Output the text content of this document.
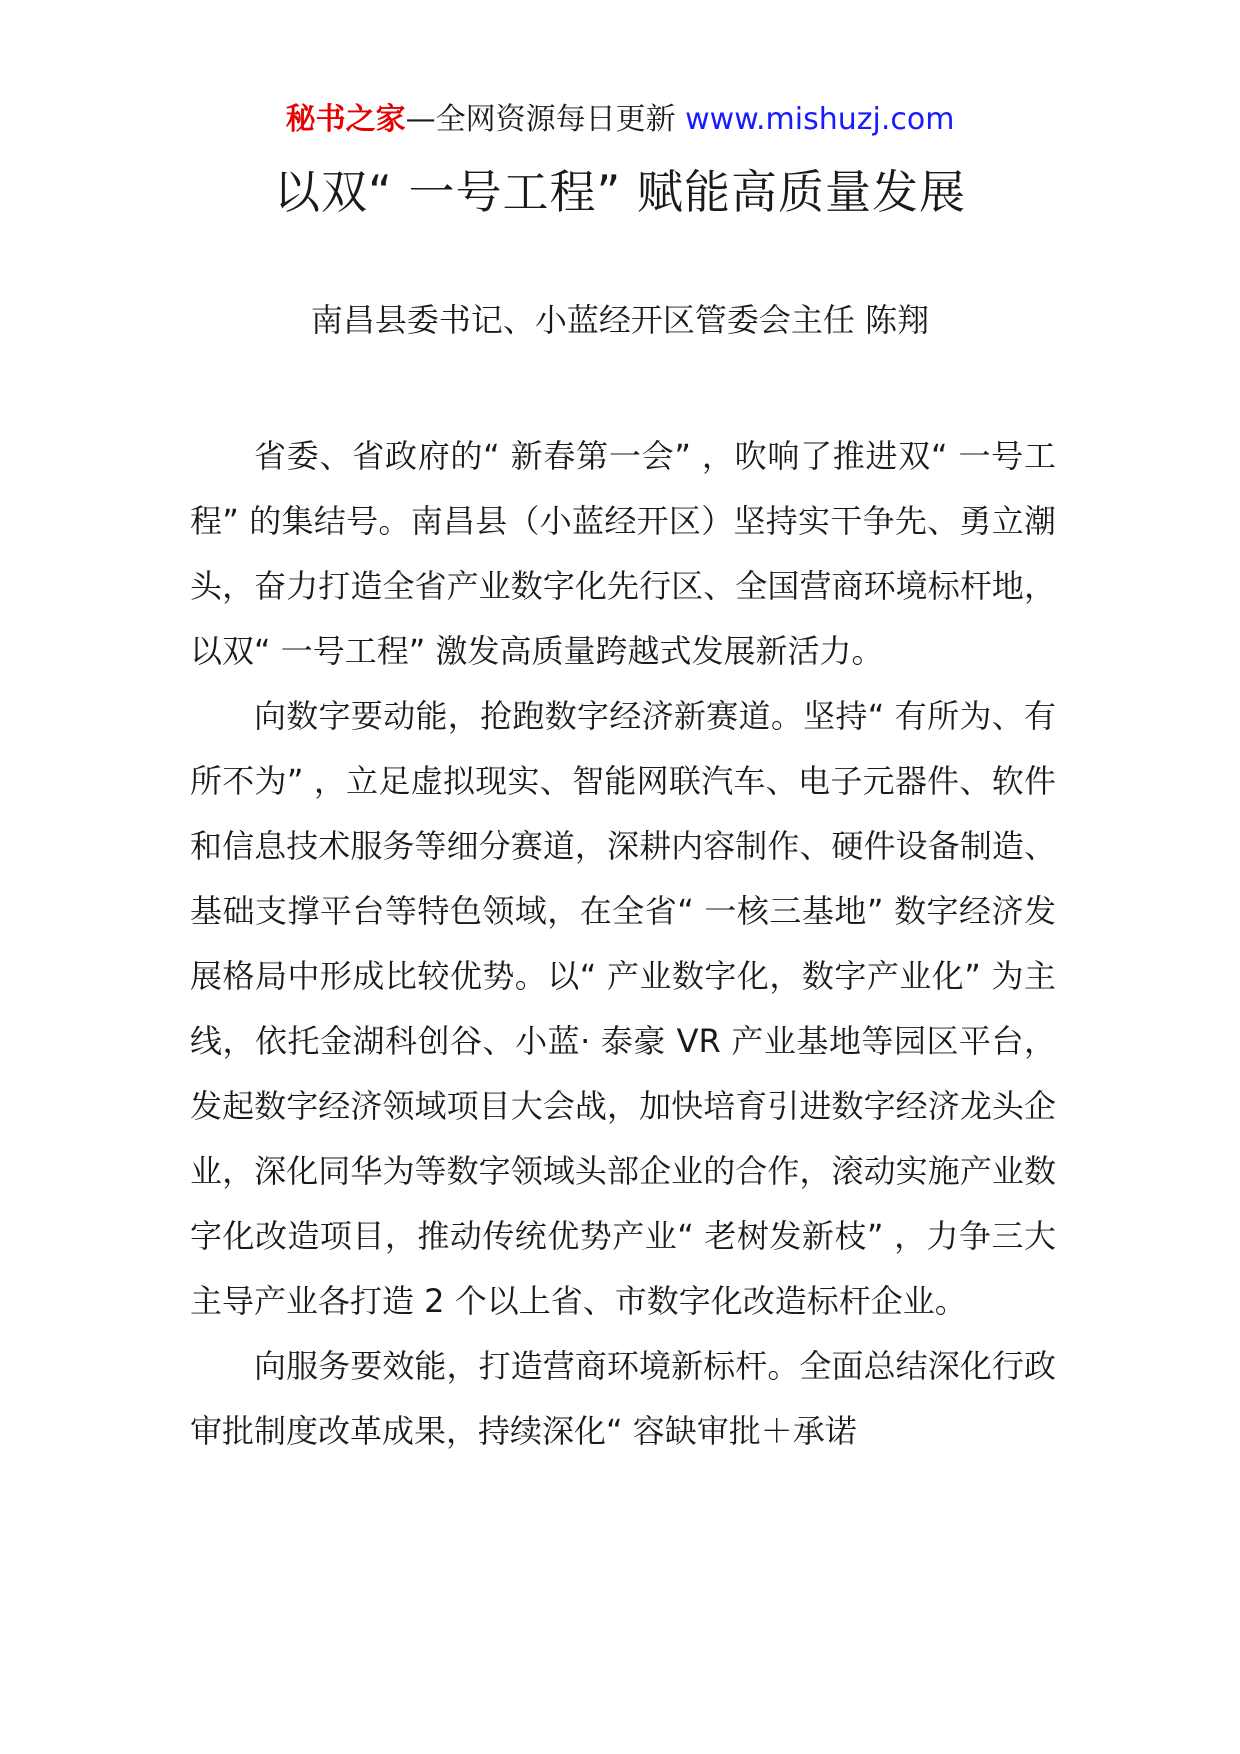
秘书之家—全网资源每日更新 www.mishuzj.com
以双“ 一号工程” 赋能高质量发展
南昌县委书记、小蓝经开区管委会主任 陈翔

省委、省政府的“ 新春第一会” ，吹响了推进双“ 一号工程” 的集结号。南昌县（小蓝经开区）坚持实干争先、勇立潮头，奋力打造全省产业数字化先行区、全国营商环境标杆地，以双“ 一号工程” 激发高质量跨越式发展新活力。

向数字要动能，抢跑数字经济新赛道。坚持“ 有所为、有所不为” ，立足虚拟现实、智能网联汽车、电子元器件、软件和信息技术服务等细分赛道，深耕内容制作、硬件设备制造、基础支撑平台等特色领域，在全省“ 一核三基地” 数字经济发展格局中形成比较优势。以“ 产业数字化，数字产业化” 为主线，依托金湖科创谷、小蓝· 泰豪 VR 产业基地等园区平台，发起数字经济领域项目大会战，加快培育引进数字经济龙头企业，深化同华为等数字领域头部企业的合作，滚动实施产业数字化改造项目，推动传统优势产业“ 老树发新枝” ，力争三大主导产业各打造 2 个以上省、市数字化改造标杆企业。

向服务要效能，打造营商环境新标杆。全面总结深化行政审批制度改革成果，持续深化“ 容缺审批＋承诺
